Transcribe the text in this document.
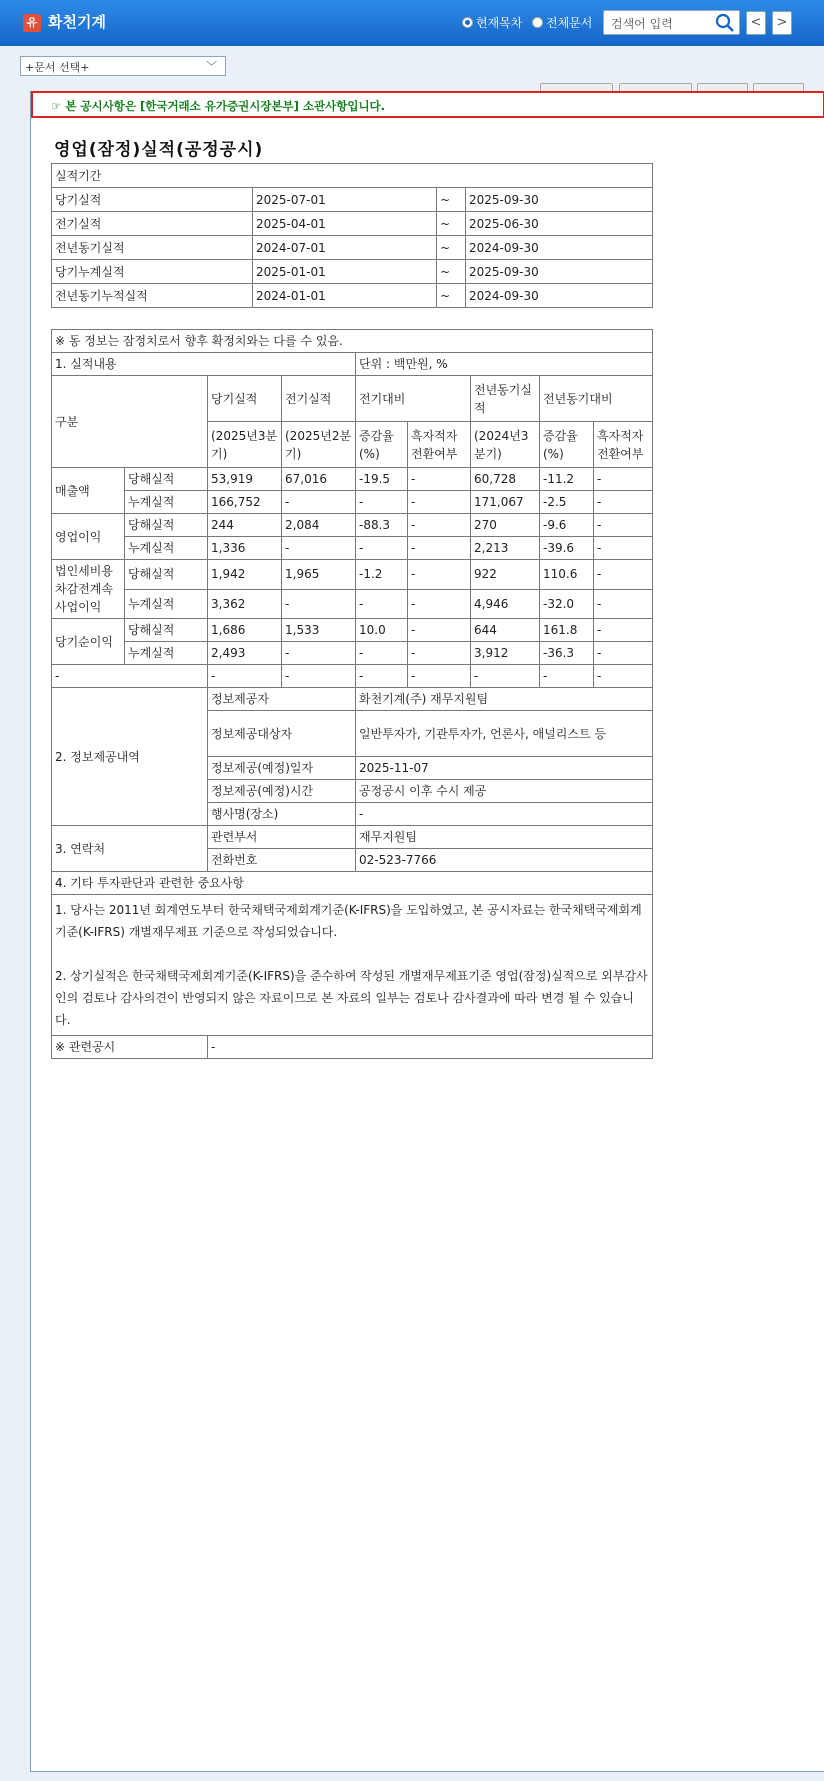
유 화천기계	현재목차 전체문서 검색어 입력	<	>
+문서 선택+	﹀
☞ 본 공시사항은 [한국거래소 유가증권시장본부] 소관사항입니다.
영업(잠정)실적(공정공시)
실적기간			
당기실적	2025-07-01	~	2025-09-30
전기실적	2025-04-01	~	2025-06-30
전년동기실적	2024-07-01	~	2024-09-30
당기누계실적	2025-01-01	~	2025-09-30
전년동기누적실적	2024-01-01	~	2024-09-30
※ 동 정보는 잠정치로서 향후 확정치와는 다를 수 있음.								
1. 실적내용				단위 : 백만원, %				
구분		당기실적	전기실적	전기대비		전년동기실적	전년동기대비	
		(2025년3분기)	(2025년2분기)	증감율(%)	흑자적자전환여부	(2024년3분기)	증감율(%)	흑자적자전환여부
매출액	당해실적	53,919	67,016	-19.5	-	60,728	-11.2	-
	누계실적	166,752	-	-	-	171,067	-2.5	-
영업이익	당해실적	244	2,084	-88.3	-	270	-9.6	-
	누계실적	1,336	-	-	-	2,213	-39.6	-
법인세비용차감전계속사업이익	당해실적	1,942	1,965	-1.2	-	922	110.6	-
	누계실적	3,362	-	-	-	4,946	-32.0	-
당기순이익	당해실적	1,686	1,533	10.0	-	644	161.8	-
	누계실적	2,493	-	-	-	3,912	-36.3	-
-		-	-	-	-	-	-	-
2. 정보제공내역		정보제공자		화천기계(주) 재무지원팀				
		정보제공대상자		일반투자가, 기관투자가, 언론사, 애널리스트 등				
		정보제공(예정)일자		2025-11-07				
		정보제공(예정)시간		공정공시 이후 수시 제공				
		행사명(장소)		-				
3. 연락처		관련부서		재무지원팀				
		전화번호		02-523-7766				
4. 기타 투자판단과 관련한 중요사항								

1. 당사는 2011년 회계연도부터 한국채택국제회계기준(K-IFRS)을 도입하였고, 본 공시자료는 한국채택국제회계기준(K-IFRS) 개별재무제표 기준으로 작성되었습니다.
2. 상기실적은 한국채택국제회계기준(K-IFRS)을 준수하여 작성된 개별재무제표기준 영업(잠정)실적으로 외부감사인의 검토나 감사의견이 반영되지 않은 자료이므로 본 자료의 일부는 검토나 감사결과에 따라 변경 될 수 있습니다.								

※ 관련공시		-						
